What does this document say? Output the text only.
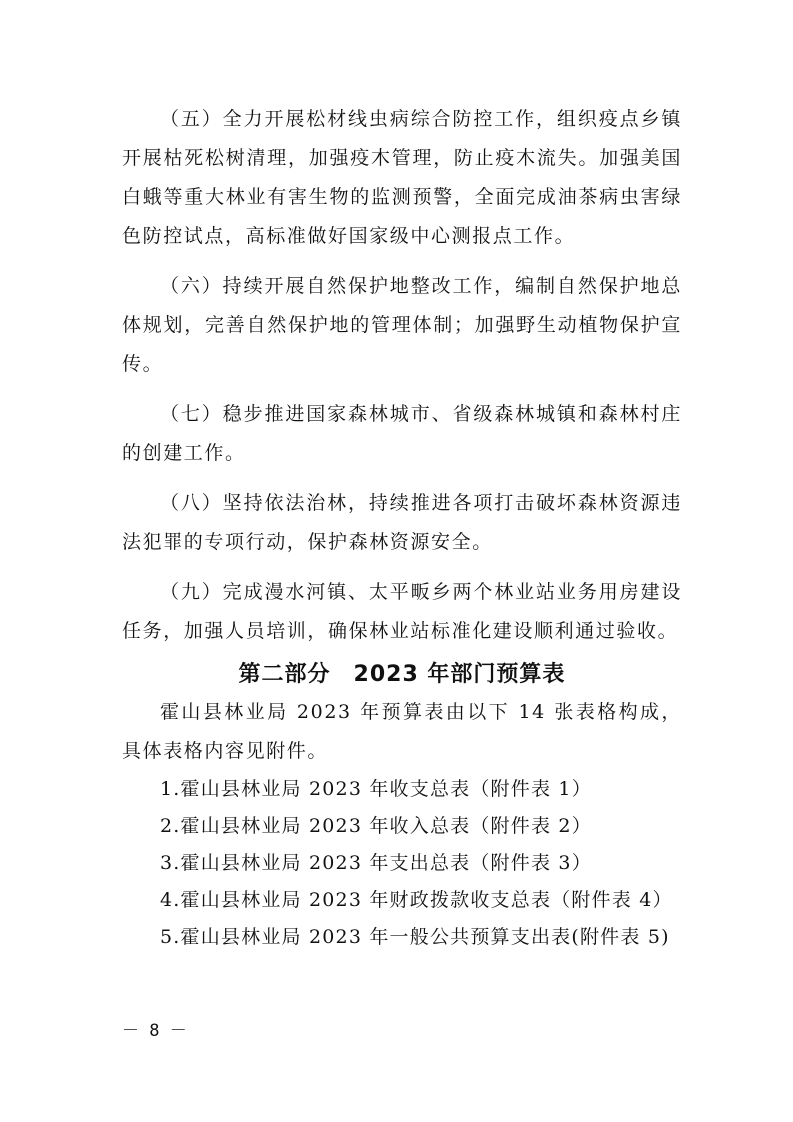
（五）全力开展松材线虫病综合防控工作，组织疫点乡镇开展枯死松树清理，加强疫木管理，防止疫木流失。加强美国白蛾等重大林业有害生物的监测预警，全面完成油茶病虫害绿色防控试点，高标准做好国家级中心测报点工作。

（六）持续开展自然保护地整改工作，编制自然保护地总体规划，完善自然保护地的管理体制；加强野生动植物保护宣传。

（七）稳步推进国家森林城市、省级森林城镇和森林村庄的创建工作。

（八）坚持依法治林，持续推进各项打击破坏森林资源违法犯罪的专项行动，保护森林资源安全。

（九）完成漫水河镇、太平畈乡两个林业站业务用房建设任务，加强人员培训，确保林业站标准化建设顺利通过验收。

第二部分　2023 年部门预算表

霍山县林业局 2023 年预算表由以下 14 张表格构成，具体表格内容见附件。

1.霍山县林业局 2023 年收支总表（附件表 1）

2.霍山县林业局 2023 年收入总表（附件表 2）

3.霍山县林业局 2023 年支出总表（附件表 3）

4.霍山县林业局 2023 年财政拨款收支总表（附件表 4）

5.霍山县林业局 2023 年一般公共预算支出表(附件表 5)

－ 8 －
